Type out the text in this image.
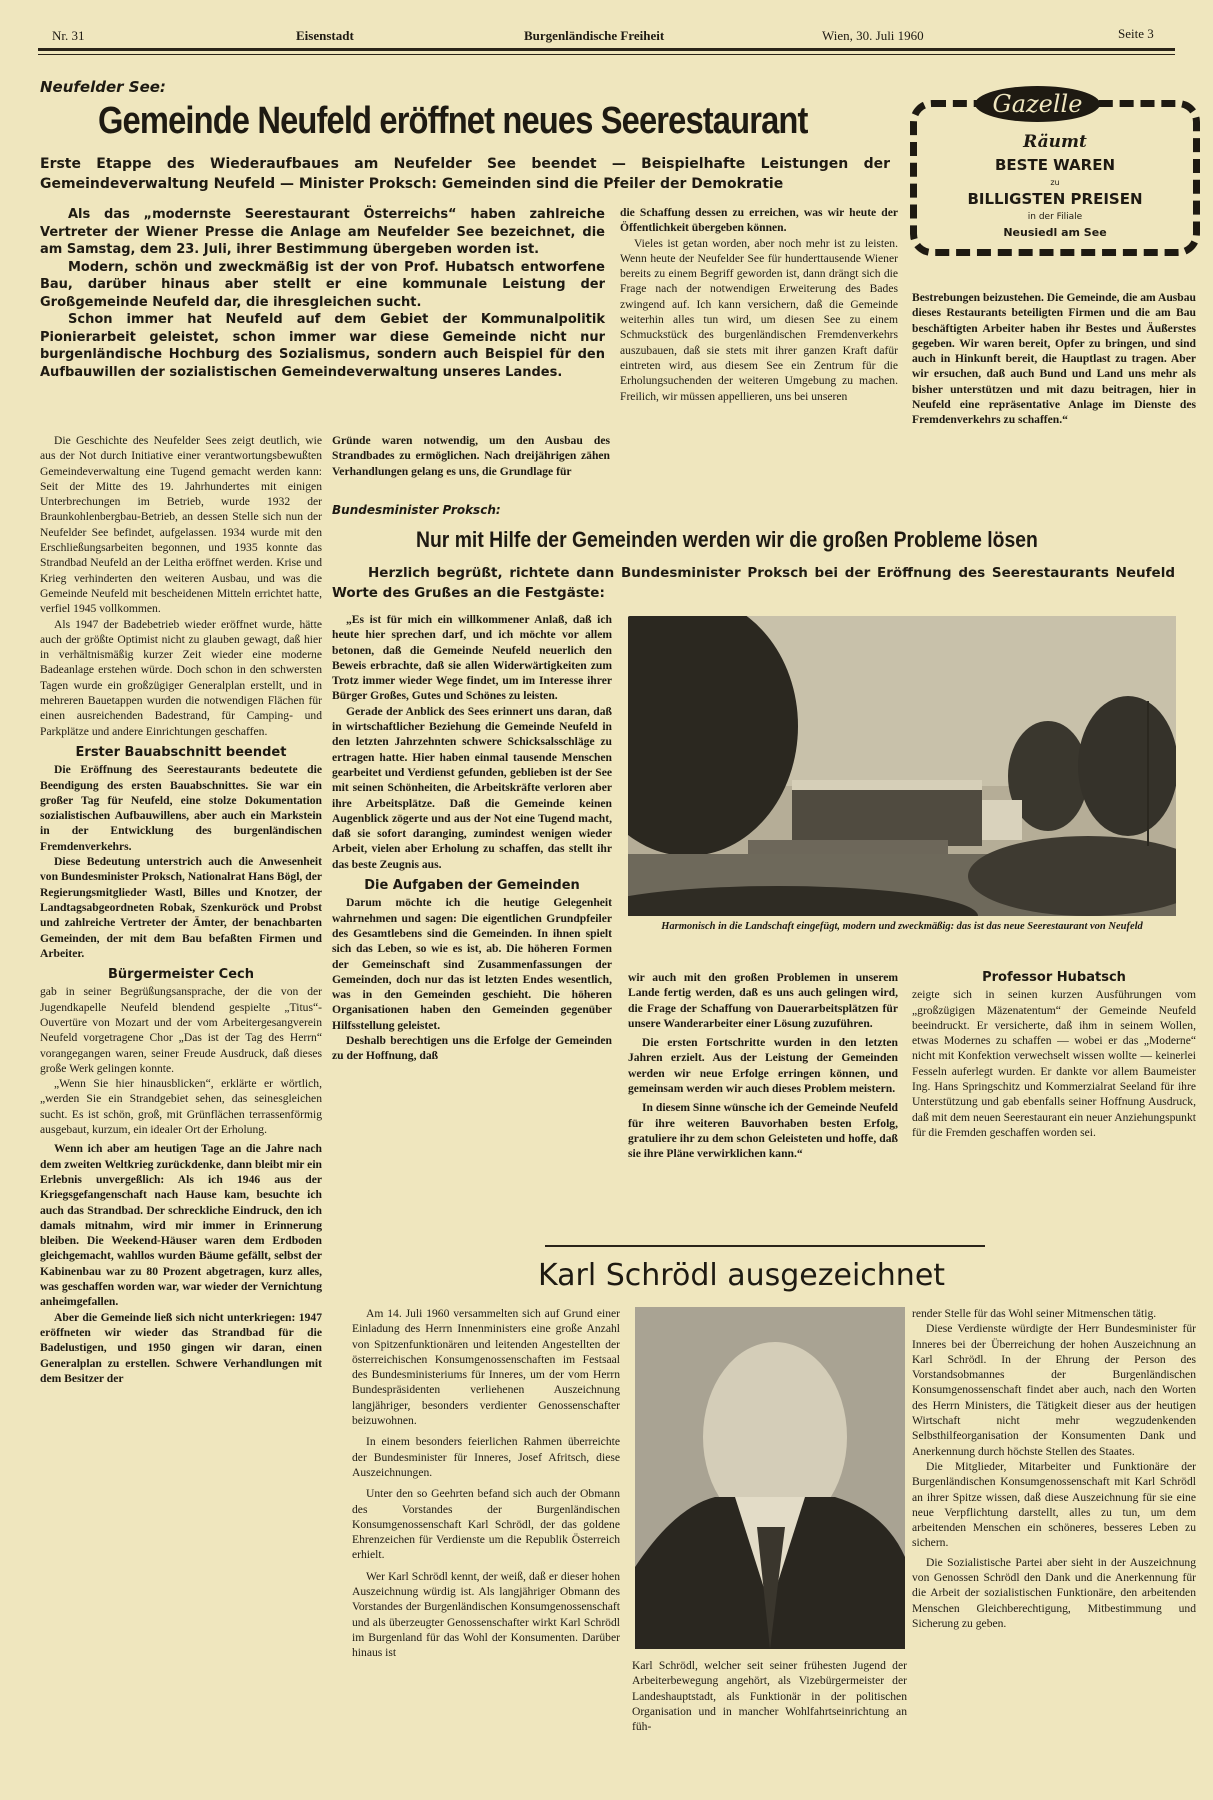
Nr. 31	Eisenstadt	Burgenländische Freiheit	Wien, 30. Juli 1960	Seite 3
Neufelder See:
Gemeinde Neufeld eröffnet neues Seerestaurant
Erste Etappe des Wiederaufbaues am Neufelder See beendet — Beispielhafte Leistungen der Gemeindeverwaltung Neufeld — Minister Proksch: Gemeinden sind die Pfeiler der Demokratie

Als das „modernste Seerestaurant Österreichs“ haben zahlreiche Vertreter der Wiener Presse die Anlage am Neufelder See bezeichnet, die am Samstag, dem 23. Juli, ihrer Bestimmung übergeben worden ist.

Modern, schön und zweckmäßig ist der von Prof. Hubatsch entworfene Bau, darüber hinaus aber stellt er eine kommunale Leistung der Großgemeinde Neufeld dar, die ihresgleichen sucht.

Schon immer hat Neufeld auf dem Gebiet der Kommunalpolitik Pionierarbeit geleistet, schon immer war diese Gemeinde nicht nur burgenländische Hochburg des Sozialismus, sondern auch Beispiel für den Aufbauwillen der sozialistischen Gemeindeverwaltung unseres Landes.

die Schaffung dessen zu erreichen, was wir heute der Öffentlichkeit übergeben können.

Vieles ist getan worden, aber noch mehr ist zu leisten. Wenn heute der Neufelder See für hunderttausende Wiener bereits zu einem Begriff geworden ist, dann drängt sich die Frage nach der notwendigen Erweiterung des Bades zwingend auf. Ich kann versichern, daß die Gemeinde weiterhin alles tun wird, um diesen See zu einem Schmuckstück des burgenländischen Fremdenverkehrs auszubauen, daß sie stets mit ihrer ganzen Kraft dafür eintreten wird, aus diesem See ein Zentrum für die Erholungsuchenden der weiteren Umgebung zu machen. Freilich, wir müssen appellieren, uns bei unseren

Gazelle
Räumt
BESTE WAREN
zu
BILLIGSTEN PREISEN
in der Filiale
Neusiedl am See

Bestrebungen beizustehen. Die Gemeinde, die am Ausbau dieses Restaurants beteiligten Firmen und die am Bau beschäftigten Arbeiter haben ihr Bestes und Äußerstes gegeben. Wir waren bereit, Opfer zu bringen, und sind auch in Hinkunft bereit, die Hauptlast zu tragen. Aber wir ersuchen, daß auch Bund und Land uns mehr als bisher unterstützen und mit dazu beitragen, hier in Neufeld eine repräsentative Anlage im Dienste des Fremdenverkehrs zu schaffen.“

Die Geschichte des Neufelder Sees zeigt deutlich, wie aus der Not durch Initiative einer verantwortungsbewußten Gemeindeverwaltung eine Tugend gemacht werden kann: Seit der Mitte des 19. Jahrhundertes mit einigen Unterbrechungen im Betrieb, wurde 1932 der Braunkohlenbergbau-Betrieb, an dessen Stelle sich nun der Neufelder See befindet, aufgelassen. 1934 wurde mit den Erschließungsarbeiten begonnen, und 1935 konnte das Strandbad Neufeld an der Leitha eröffnet werden. Krise und Krieg verhinderten den weiteren Ausbau, und was die Gemeinde Neufeld mit bescheidenen Mitteln errichtet hatte, verfiel 1945 vollkommen.

Als 1947 der Badebetrieb wieder eröffnet wurde, hätte auch der größte Optimist nicht zu glauben gewagt, daß hier in verhältnismäßig kurzer Zeit wieder eine moderne Badeanlage erstehen würde. Doch schon in den schwersten Tagen wurde ein großzügiger Generalplan erstellt, und in mehreren Bauetappen wurden die notwendigen Flächen für einen ausreichenden Badestrand, für Camping- und Parkplätze und andere Einrichtungen geschaffen.

Erster Bauabschnitt beendet

Die Eröffnung des Seerestaurants bedeutete die Beendigung des ersten Bauabschnittes. Sie war ein großer Tag für Neufeld, eine stolze Dokumentation sozialistischen Aufbauwillens, aber auch ein Markstein in der Entwicklung des burgenländischen Fremdenverkehrs.

Diese Bedeutung unterstrich auch die Anwesenheit von Bundesminister Proksch, Nationalrat Hans Bögl, der Regierungsmitglieder Wastl, Billes und Knotzer, der Landtagsabgeordneten Robak, Szenkuröck und Probst und zahlreiche Vertreter der Ämter, der benachbarten Gemeinden, der mit dem Bau befaßten Firmen und Arbeiter.

Bürgermeister Cech

gab in seiner Begrüßungsansprache, der die von der Jugendkapelle Neufeld blendend gespielte „Titus“-Ouvertüre von Mozart und der vom Arbeitergesangverein Neufeld vorgetragene Chor „Das ist der Tag des Herrn“ vorangegangen waren, seiner Freude Ausdruck, daß dieses große Werk gelingen konnte.

„Wenn Sie hier hinausblicken“, erklärte er wörtlich, „werden Sie ein Strandgebiet sehen, das seinesgleichen sucht. Es ist schön, groß, mit Grünflächen terrassenförmig ausgebaut, kurzum, ein idealer Ort der Erholung.

Wenn ich aber am heutigen Tage an die Jahre nach dem zweiten Weltkrieg zurückdenke, dann bleibt mir ein Erlebnis unvergeßlich: Als ich 1946 aus der Kriegsgefangenschaft nach Hause kam, besuchte ich auch das Strandbad. Der schreckliche Eindruck, den ich damals mitnahm, wird mir immer in Erinnerung bleiben. Die Weekend-Häuser waren dem Erdboden gleichgemacht, wahllos wurden Bäume gefällt, selbst der Kabinenbau war zu 80 Prozent abgetragen, kurz alles, was geschaffen worden war, war wieder der Vernichtung anheimgefallen.

Aber die Gemeinde ließ sich nicht unterkriegen: 1947 eröffneten wir wieder das Strandbad für die Badelustigen, und 1950 gingen wir daran, einen Generalplan zu erstellen. Schwere Verhandlungen mit dem Besitzer der

Gründe waren notwendig, um den Ausbau des Strandbades zu ermöglichen. Nach dreijährigen zähen Verhandlungen gelang es uns, die Grundlage für

Bundesminister Proksch:
Nur mit Hilfe der Gemeinden werden wir die großen Probleme lösen
Herzlich begrüßt, richtete dann Bundesminister Proksch bei der Eröffnung des Seerestaurants Neufeld Worte des Grußes an die Festgäste:

„Es ist für mich ein willkommener Anlaß, daß ich heute hier sprechen darf, und ich möchte vor allem betonen, daß die Gemeinde Neufeld neuerlich den Beweis erbrachte, daß sie allen Widerwärtigkeiten zum Trotz immer wieder Wege findet, um im Interesse ihrer Bürger Großes, Gutes und Schönes zu leisten.

Gerade der Anblick des Sees erinnert uns daran, daß in wirtschaftlicher Beziehung die Gemeinde Neufeld in den letzten Jahrzehnten schwere Schicksalsschläge zu ertragen hatte. Hier haben einmal tausende Menschen gearbeitet und Verdienst gefunden, geblieben ist der See mit seinen Schönheiten, die Arbeitskräfte verloren aber ihre Arbeitsplätze. Daß die Gemeinde keinen Augenblick zögerte und aus der Not eine Tugend macht, daß sie sofort daranging, zumindest wenigen wieder Arbeit, vielen aber Erholung zu schaffen, das stellt ihr das beste Zeugnis aus.

Die Aufgaben der Gemeinden

Darum möchte ich die heutige Gelegenheit wahrnehmen und sagen: Die eigentlichen Grundpfeiler des Gesamtlebens sind die Gemeinden. In ihnen spielt sich das Leben, so wie es ist, ab. Die höheren Formen der Gemeinschaft sind Zusammenfassungen der Gemeinden, doch nur das ist letzten Endes wesentlich, was in den Gemeinden geschieht. Die höheren Organisationen haben den Gemeinden gegenüber Hilfsstellung geleistet.

Deshalb berechtigen uns die Erfolge der Gemeinden zu der Hoffnung, daß

Harmonisch in die Landschaft eingefügt, modern und zweckmäßig: das ist das neue Seerestaurant von Neufeld

wir auch mit den großen Problemen in unserem Lande fertig werden, daß es uns auch gelingen wird, die Frage der Schaffung von Dauerarbeitsplätzen für unsere Wanderarbeiter einer Lösung zuzuführen.

Die ersten Fortschritte wurden in den letzten Jahren erzielt. Aus der Leistung der Gemeinden werden wir neue Erfolge erringen können, und gemeinsam werden wir auch dieses Problem meistern.

In diesem Sinne wünsche ich der Gemeinde Neufeld für ihre weiteren Bauvorhaben besten Erfolg, gratuliere ihr zu dem schon Geleisteten und hoffe, daß sie ihre Pläne verwirklichen kann.“

Professor Hubatsch

zeigte sich in seinen kurzen Ausführungen vom „großzügigen Mäzenatentum“ der Gemeinde Neufeld beeindruckt. Er versicherte, daß ihm in seinem Wollen, etwas Modernes zu schaffen — wobei er das „Moderne“ nicht mit Konfektion verwechselt wissen wollte — keinerlei Fesseln auferlegt wurden. Er dankte vor allem Baumeister Ing. Hans Springschitz und Kommerzialrat Seeland für ihre Unterstützung und gab ebenfalls seiner Hoffnung Ausdruck, daß mit dem neuen Seerestaurant ein neuer Anziehungspunkt für die Fremden geschaffen worden sei.

Karl Schrödl ausgezeichnet

Am 14. Juli 1960 versammelten sich auf Grund einer Einladung des Herrn Innenministers eine große Anzahl von Spitzenfunktionären und leitenden Angestellten der österreichischen Konsumgenossenschaften im Festsaal des Bundesministeriums für Inneres, um der vom Herrn Bundespräsidenten verliehenen Auszeichnung langjähriger, besonders verdienter Genossenschafter beizuwohnen.

In einem besonders feierlichen Rahmen überreichte der Bundesminister für Inneres, Josef Afritsch, diese Auszeichnungen.

Unter den so Geehrten befand sich auch der Obmann des Vorstandes der Burgenländischen Konsumgenossenschaft Karl Schrödl, der das goldene Ehrenzeichen für Verdienste um die Republik Österreich erhielt.

Wer Karl Schrödl kennt, der weiß, daß er dieser hohen Auszeichnung würdig ist. Als langjähriger Obmann des Vorstandes der Burgenländischen Konsumgenossenschaft und als überzeugter Genossenschafter wirkt Karl Schrödl im Burgenland für das Wohl der Konsumenten. Darüber hinaus ist

Karl Schrödl, welcher seit seiner frühesten Jugend der Arbeiterbewegung angehört, als Vizebürgermeister der Landeshauptstadt, als Funktionär in der politischen Organisation und in mancher Wohlfahrtseinrichtung an füh-

render Stelle für das Wohl seiner Mitmenschen tätig.

Diese Verdienste würdigte der Herr Bundesminister für Inneres bei der Überreichung der hohen Auszeichnung an Karl Schrödl. In der Ehrung der Person des Vorstandsobmannes der Burgenländischen Konsumgenossenschaft findet aber auch, nach den Worten des Herrn Ministers, die Tätigkeit dieser aus der heutigen Wirtschaft nicht mehr wegzudenkenden Selbsthilfeorganisation der Konsumenten Dank und Anerkennung durch höchste Stellen des Staates.

Die Mitglieder, Mitarbeiter und Funktionäre der Burgenländischen Konsumgenossenschaft mit Karl Schrödl an ihrer Spitze wissen, daß diese Auszeichnung für sie eine neue Verpflichtung darstellt, alles zu tun, um dem arbeitenden Menschen ein schöneres, besseres Leben zu sichern.

Die Sozialistische Partei aber sieht in der Auszeichnung von Genossen Schrödl den Dank und die Anerkennung für die Arbeit der sozialistischen Funktionäre, den arbeitenden Menschen Gleichberechtigung, Mitbestimmung und Sicherung zu geben.
